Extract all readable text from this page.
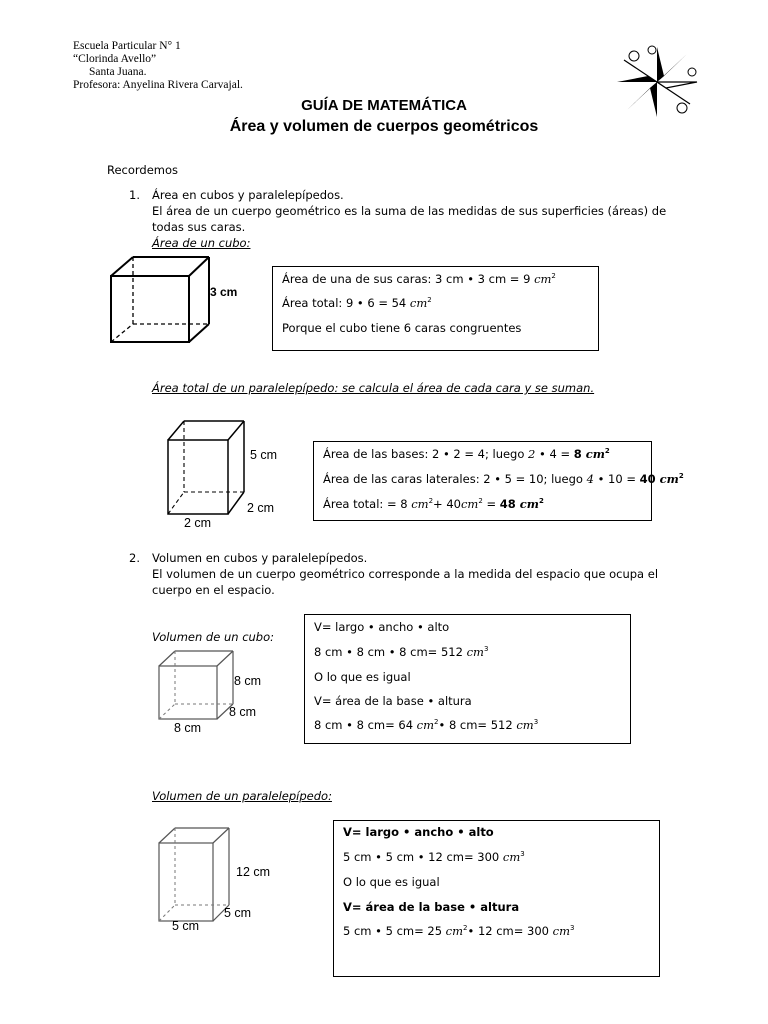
Escuela Particular N° 1
“Clorinda Avello”
Santa Juana.
Profesora: Anyelina Rivera Carvajal.
GUÍA DE MATEMÁTICA
Área y volumen de cuerpos geométricos
Recordemos
1. Área en cubos y paralelepípedos.
El área de un cuerpo geométrico es la suma de las medidas de sus superficies (áreas) de
todas sus caras.
Área de un cubo:
3 cm
Área de una de sus caras: 3 cm • 3 cm = 9 $cm^2$
Área total: 9 • 6 = 54 $cm^2$
Porque el cubo tiene 6 caras congruentes
Área total de un paralelepípedo: se calcula el área de cada cara y se suman.
5 cm
2 cm
2 cm
Área de las bases: 2 • 2 = 4; luego 2 • 4 = 8 $cm^2$
Área de las caras laterales: 2 • 5 = 10; luego 4 • 10 = 40 $cm^2$
Área total: = 8 $cm^2+ 40cm^2 = 48$ $cm^2$
2. Volumen en cubos y paralelepípedos.
El volumen de un cuerpo geométrico corresponde a la medida del espacio que ocupa el
cuerpo en el espacio.
Volumen de un cubo:
8 cm
8 cm
8 cm
V= largo • ancho • alto
8 cm • 8 cm • 8 cm= 512 $cm^3$
O lo que es igual
V= área de la base • altura
8 cm • 8 cm= 64 $cm^2•$ 8 cm= 512 $cm^3$
Volumen de un paralelepípedo:
12 cm
5 cm
5 cm
V= largo • ancho • alto
5 cm • 5 cm • 12 cm= 300 $cm^3$
O lo que es igual
V= área de la base • altura
5 cm • 5 cm= 25 $cm^2•$ 12 cm= 300 $cm^3$
